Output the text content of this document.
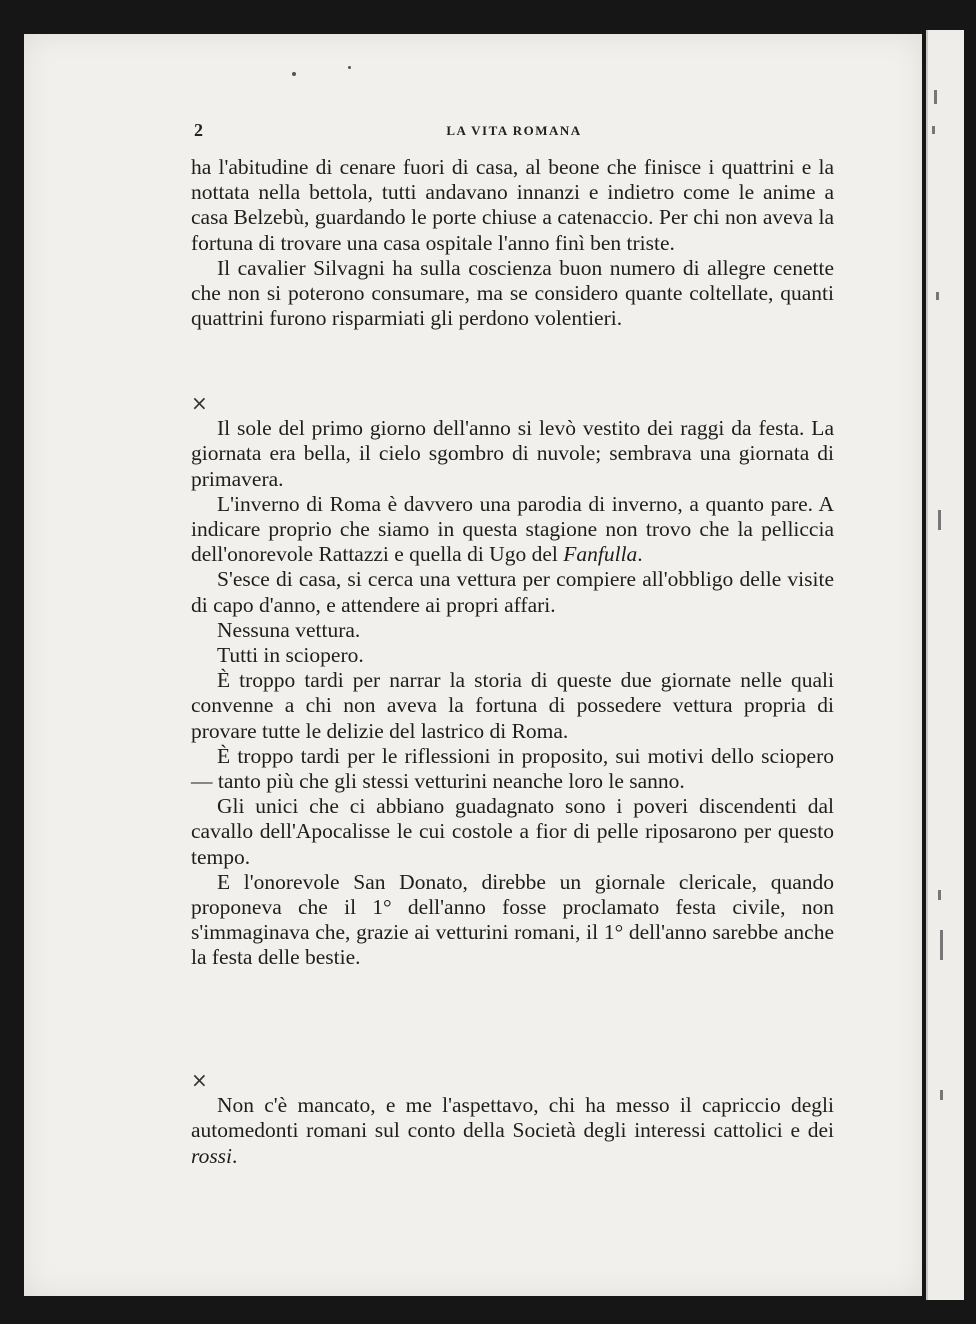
2	LA VITA ROMANA

ha l'abitudine di cenare fuori di casa, al beone che finisce i quattrini e la nottata nella bettola, tutti andavano innanzi e indietro come le anime a casa Belzebù, guardando le porte chiuse a catenaccio. Per chi non aveva la fortuna di trovare una casa ospitale l'anno finì ben triste.

Il cavalier Silvagni ha sulla coscienza buon numero di allegre cenette che non si poterono consumare, ma se considero quante coltellate, quanti quattrini furono risparmiati gli perdono volentieri.

×

Il sole del primo giorno dell'anno si levò vestito dei raggi da festa. La giornata era bella, il cielo sgombro di nuvole; sembrava una giornata di primavera.

L'inverno di Roma è davvero una parodia di inverno, a quanto pare. A indicare proprio che siamo in questa stagione non trovo che la pelliccia dell'onorevole Rattazzi e quella di Ugo del Fanfulla.

S'esce di casa, si cerca una vettura per compiere all'obbligo delle visite di capo d'anno, e attendere ai propri affari.

Nessuna vettura.

Tutti in sciopero.

È troppo tardi per narrar la storia di queste due giornate nelle quali convenne a chi non aveva la fortuna di possedere vettura propria di provare tutte le delizie del lastrico di Roma.

È troppo tardi per le riflessioni in proposito, sui motivi dello sciopero — tanto più che gli stessi vetturini neanche loro le sanno.

Gli unici che ci abbiano guadagnato sono i poveri discendenti dal cavallo dell'Apocalisse le cui costole a fior di pelle riposarono per questo tempo.

E l'onorevole San Donato, direbbe un giornale clericale, quando proponeva che il 1° dell'anno fosse proclamato festa civile, non s'immaginava che, grazie ai vetturini romani, il 1° dell'anno sarebbe anche la festa delle bestie.

×

Non c'è mancato, e me l'aspettavo, chi ha messo il capriccio degli automedonti romani sul conto della Società degli interessi cattolici e dei rossi.
